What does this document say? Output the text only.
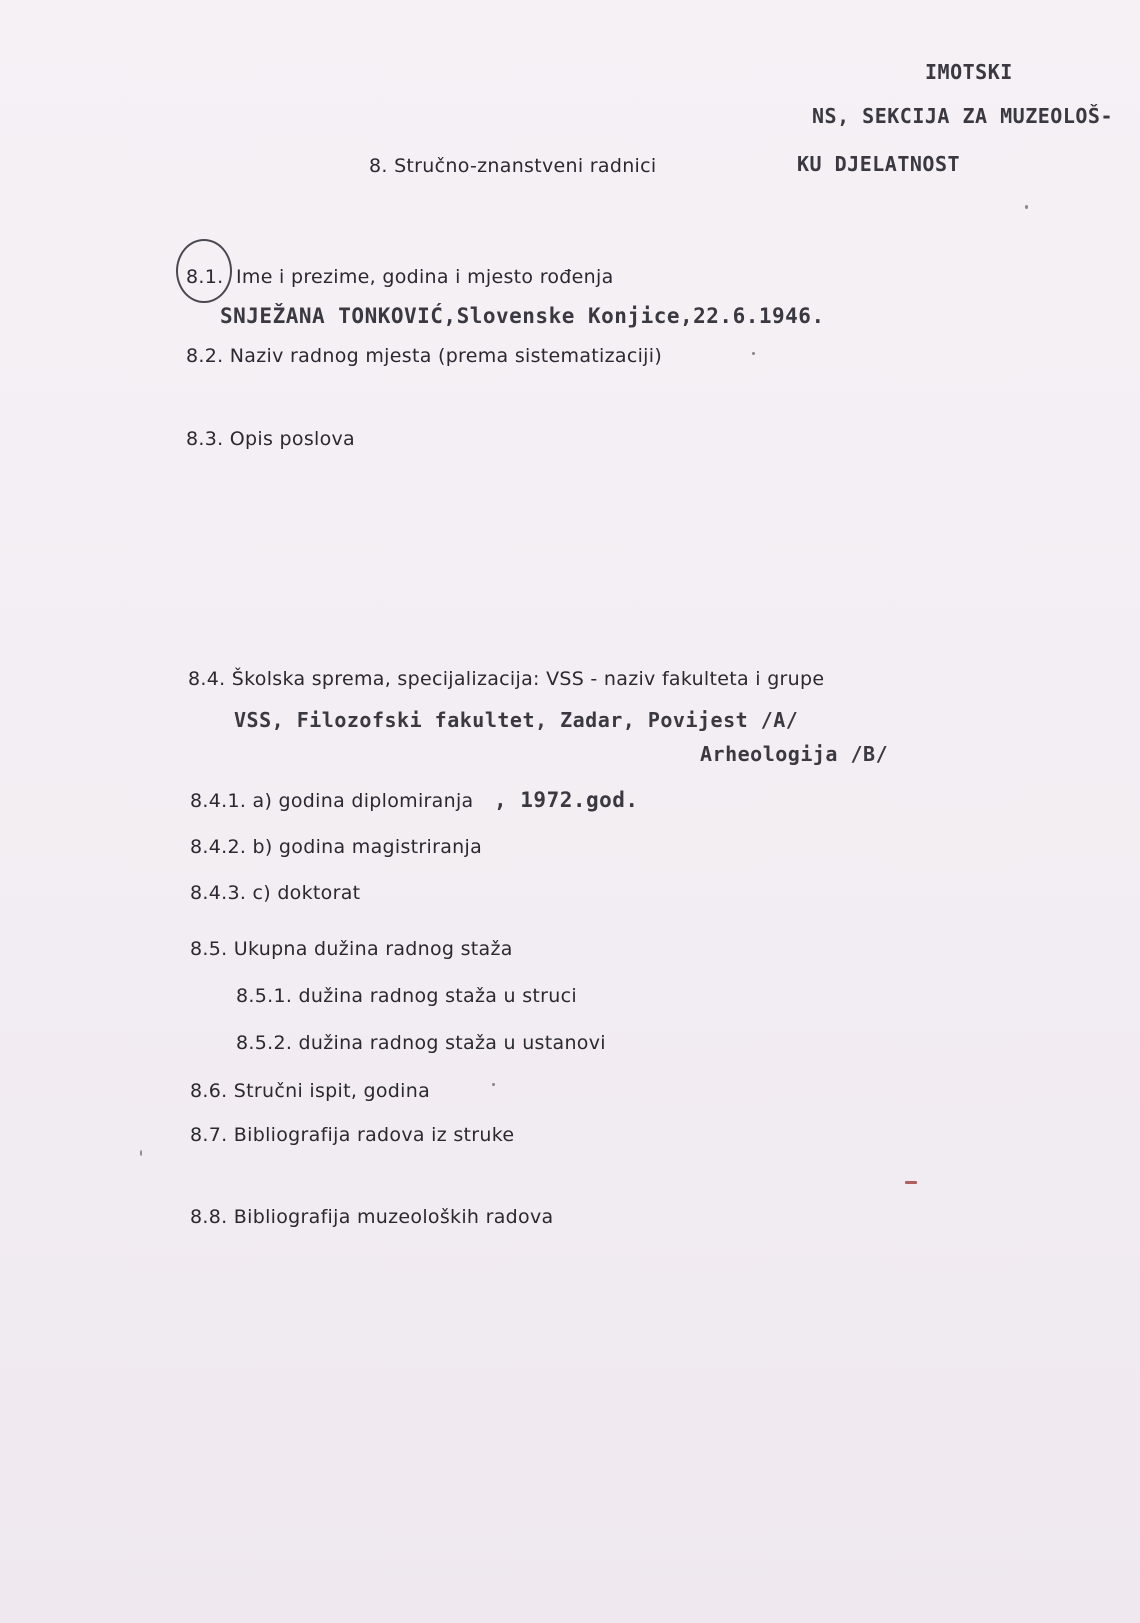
IMOTSKI
NS, SEKCIJA ZA MUZEOLOŠ-
KU DJELATNOST
8. Stručno-znanstveni radnici
8.1. Ime i prezime, godina i mjesto rođenja
SNJEŽANA TONKOVIĆ,Slovenske Konjice,22.6.1946.
8.2. Naziv radnog mjesta (prema sistematizaciji)
8.3. Opis poslova
8.4. Školska sprema, specijalizacija: VSS - naziv fakulteta i grupe
VSS, Filozofski fakultet, Zadar, Povijest /A/
Arheologija /B/
8.4.1. a) godina diplomiranja , 1972.god.
8.4.2. b) godina magistriranja
8.4.3. c) doktorat
8.5. Ukupna dužina radnog staža
8.5.1. dužina radnog staža u struci
8.5.2. dužina radnog staža u ustanovi
8.6. Stručni ispit, godina
8.7. Bibliografija radova iz struke
8.8. Bibliografija muzeoloških radova
